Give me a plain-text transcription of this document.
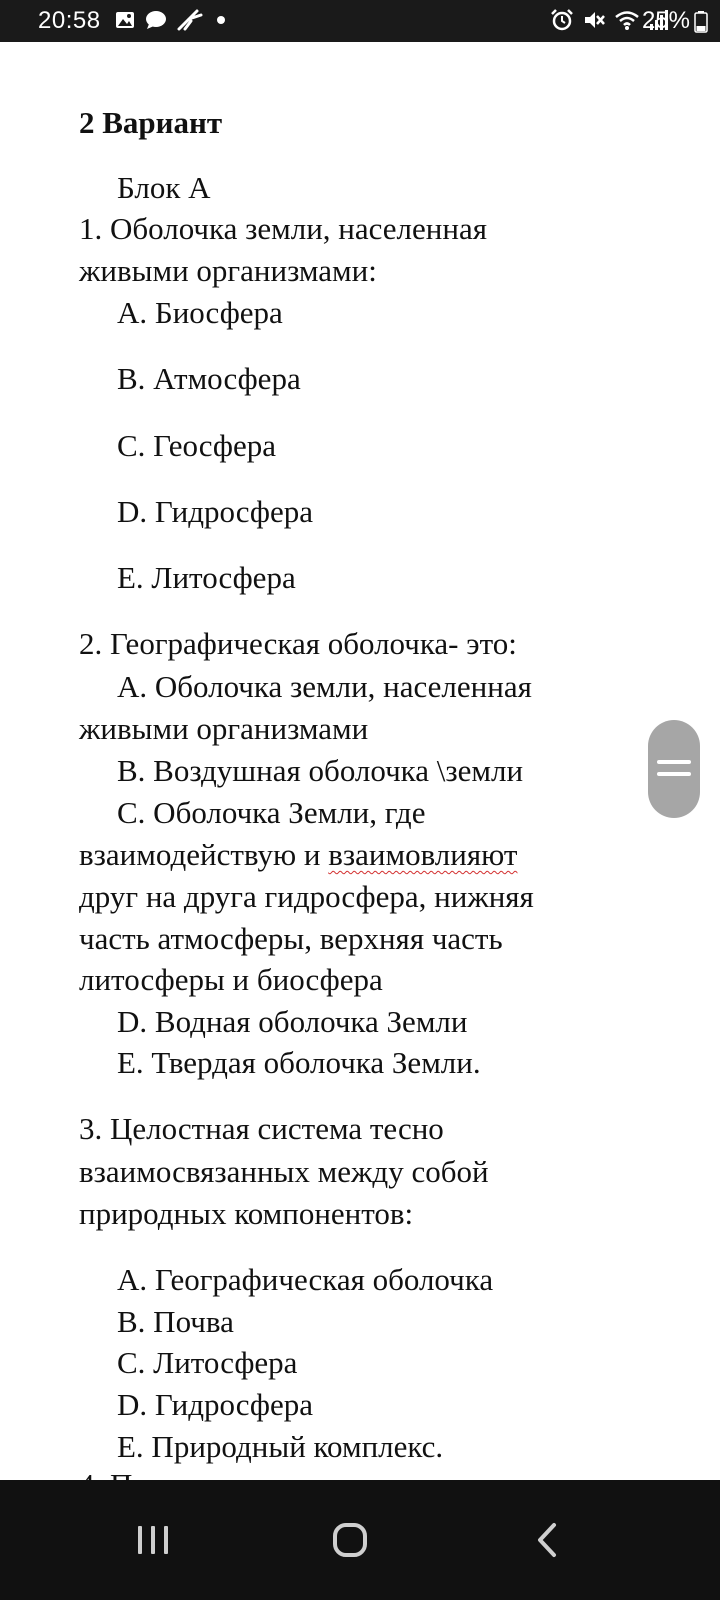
20:58	25%
2 Вариант
Блок А
1. Оболочка земли, населенная
живыми организмами:
A. Биосфера
B. Атмосфера
C. Геосфера
D. Гидросфера
E. Литосфера
2. Географическая оболочка- это:
A. Оболочка земли, населенная
живыми организмами
B. Воздушная оболочка \земли
C. Оболочка Земли, где
взаимодействую и взаимовлияют
друг на друга гидросфера, нижняя
часть атмосферы, верхняя часть
литосферы и биосфера
D. Водная оболочка Земли
E. Твердая оболочка Земли.
3. Целостная система тесно
взаимосвязанных между собой
природных компонентов:
A. Географическая оболочка
B. Почва
C. Литосфера
D. Гидросфера
E. Природный комплекс.
